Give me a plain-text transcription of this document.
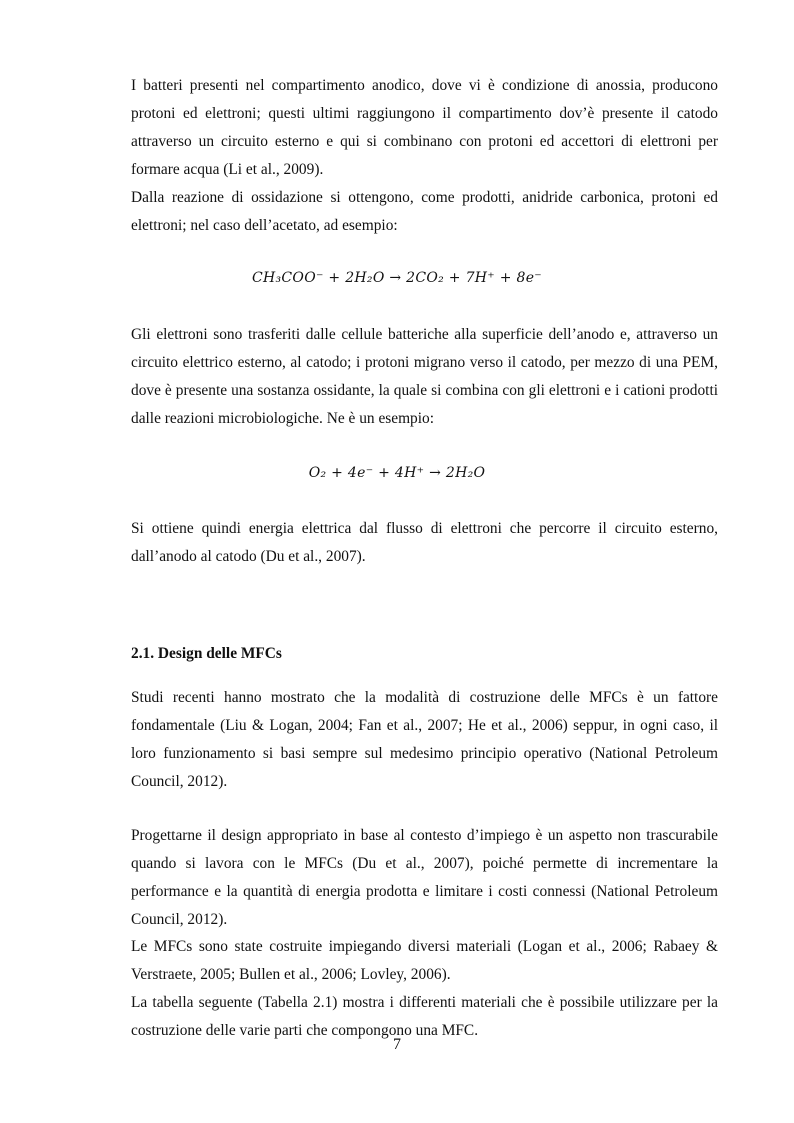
I batteri presenti nel compartimento anodico, dove vi è condizione di anossia, producono protoni ed elettroni; questi ultimi raggiungono il compartimento dov’è presente il catodo attraverso un circuito esterno e qui si combinano con protoni ed accettori di elettroni per formare acqua (Li et al., 2009).

Dalla reazione di ossidazione si ottengono, come prodotti, anidride carbonica, protoni ed elettroni; nel caso dell’acetato, ad esempio:

CH₃COO⁻ + 2H₂O → 2CO₂ + 7H⁺ + 8e⁻

Gli elettroni sono trasferiti dalle cellule batteriche alla superficie dell’anodo e, attraverso un circuito elettrico esterno, al catodo; i protoni migrano verso il catodo, per mezzo di una PEM, dove è presente una sostanza ossidante, la quale si combina con gli elettroni e i cationi prodotti dalle reazioni microbiologiche. Ne è un esempio:

O₂ + 4e⁻ + 4H⁺ → 2H₂O

Si ottiene quindi energia elettrica dal flusso di elettroni che percorre il circuito esterno, dall’anodo al catodo (Du et al., 2007).

2.1. Design delle MFCs

Studi recenti hanno mostrato che la modalità di costruzione delle MFCs è un fattore fondamentale (Liu & Logan, 2004; Fan et al., 2007; He et al., 2006) seppur, in ogni caso, il loro funzionamento si basi sempre sul medesimo principio operativo (National Petroleum Council, 2012).

Progettarne il design appropriato in base al contesto d’impiego è un aspetto non trascurabile quando si lavora con le MFCs (Du et al., 2007), poiché permette di incrementare la performance e la quantità di energia prodotta e limitare i costi connessi (National Petroleum Council, 2012).

Le MFCs sono state costruite impiegando diversi materiali (Logan et al., 2006; Rabaey & Verstraete, 2005; Bullen et al., 2006; Lovley, 2006).

La tabella seguente (Tabella 2.1) mostra i differenti materiali che è possibile utilizzare per la costruzione delle varie parti che compongono una MFC.

7
